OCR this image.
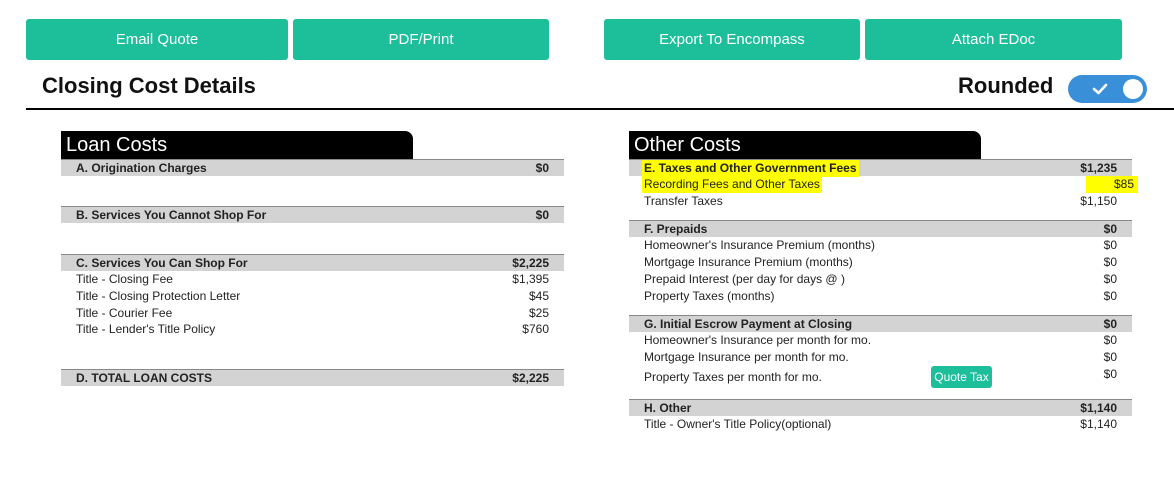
Email Quote	PDF/Print	Export To Encompass	Attach EDoc
Closing Cost Details	Rounded
Loan Costs
A. Origination Charges	$0
B. Services You Cannot Shop For	$0
C. Services You Can Shop For	$2,225
Title - Closing Fee	$1,395
Title - Closing Protection Letter	$45
Title - Courier Fee	$25
Title - Lender's Title Policy	$760
D. TOTAL LOAN COSTS	$2,225
Other Costs
E. Taxes and Other Government Fees	$1,235
Recording Fees and Other Taxes	$85
Transfer Taxes	$1,150
F. Prepaids	$0
Homeowner's Insurance Premium (months)	$0
Mortgage Insurance Premium (months)	$0
Prepaid Interest (per day for days @ )	$0
Property Taxes (months)	$0
G. Initial Escrow Payment at Closing	$0
Homeowner's Insurance per month for mo.	$0
Mortgage Insurance per month for mo.	$0
Property Taxes per month for mo.	$0
Quote Tax
H. Other	$1,140
Title - Owner's Title Policy(optional)	$1,140
